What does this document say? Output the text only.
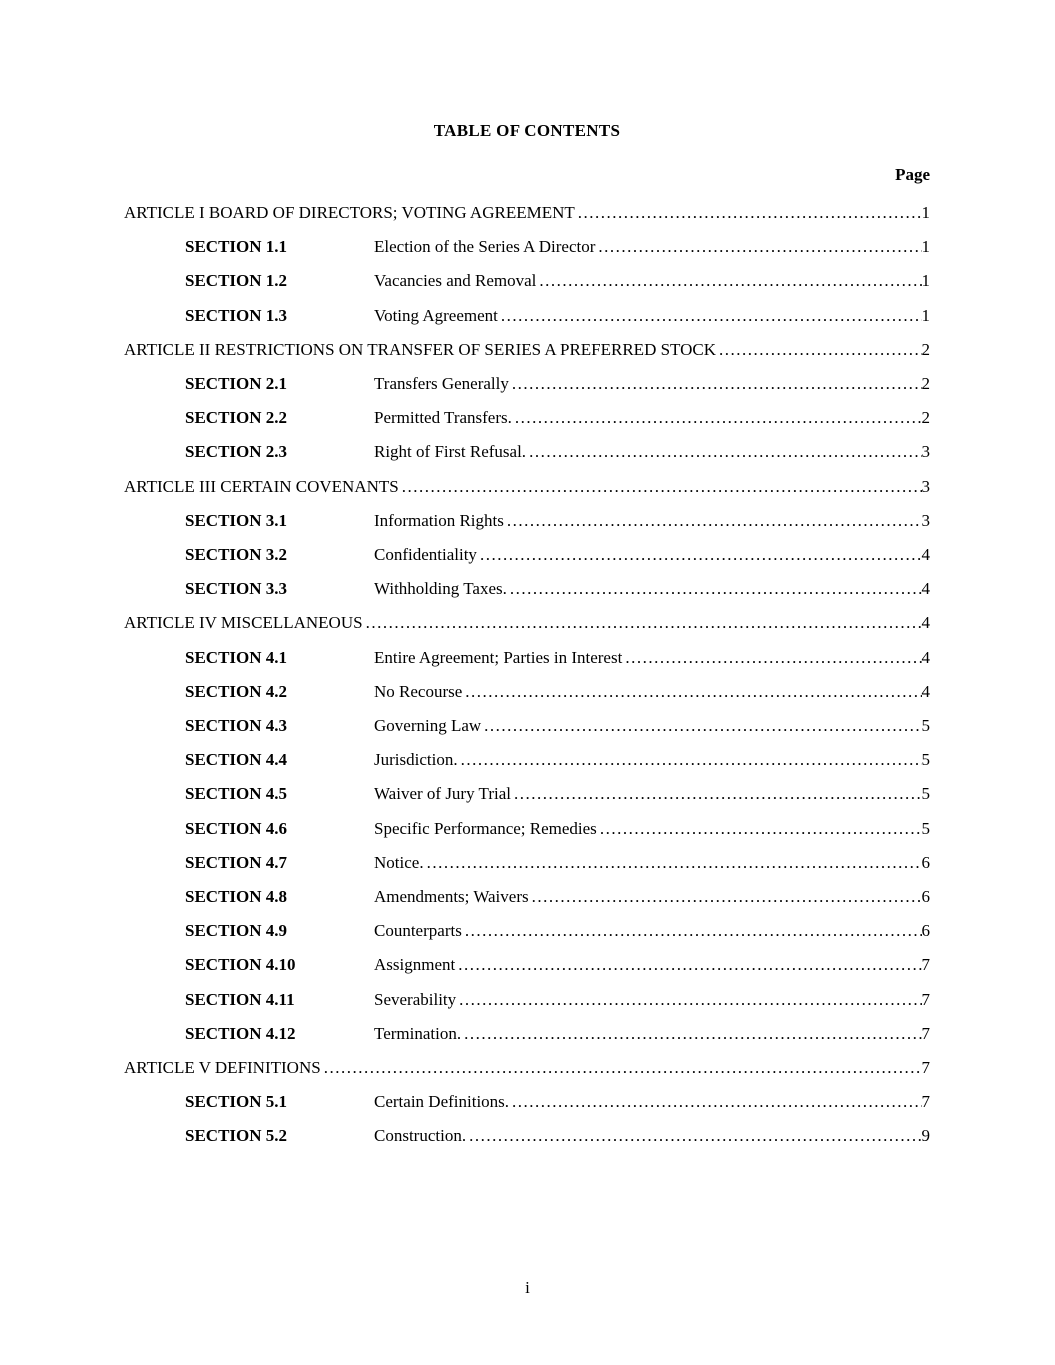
TABLE OF CONTENTS
Page
ARTICLE I BOARD OF DIRECTORS; VOTING AGREEMENT .....	1
SECTION 1.1	Election of the Series A Director .....	1
SECTION 1.2	Vacancies and Removal .....	1
SECTION 1.3	Voting Agreement .....	1
ARTICLE II RESTRICTIONS ON TRANSFER OF SERIES A PREFERRED STOCK .....	2
SECTION 2.1	Transfers Generally .....	2
SECTION 2.2	Permitted Transfers. .....	2
SECTION 2.3	Right of First Refusal. .....	3
ARTICLE III CERTAIN COVENANTS .....	3
SECTION 3.1	Information Rights .....	3
SECTION 3.2	Confidentiality .....	4
SECTION 3.3	Withholding Taxes. .....	4
ARTICLE IV MISCELLANEOUS .....	4
SECTION 4.1	Entire Agreement; Parties in Interest .....	4
SECTION 4.2	No Recourse .....	4
SECTION 4.3	Governing Law .....	5
SECTION 4.4	Jurisdiction. .....	5
SECTION 4.5	Waiver of Jury Trial .....	5
SECTION 4.6	Specific Performance; Remedies .....	5
SECTION 4.7	Notice. .....	6
SECTION 4.8	Amendments; Waivers .....	6
SECTION 4.9	Counterparts .....	6
SECTION 4.10	Assignment .....	7
SECTION 4.11	Severability .....	7
SECTION 4.12	Termination. .....	7
ARTICLE V DEFINITIONS .....	7
SECTION 5.1	Certain Definitions. .....	7
SECTION 5.2	Construction. .....	9
i
